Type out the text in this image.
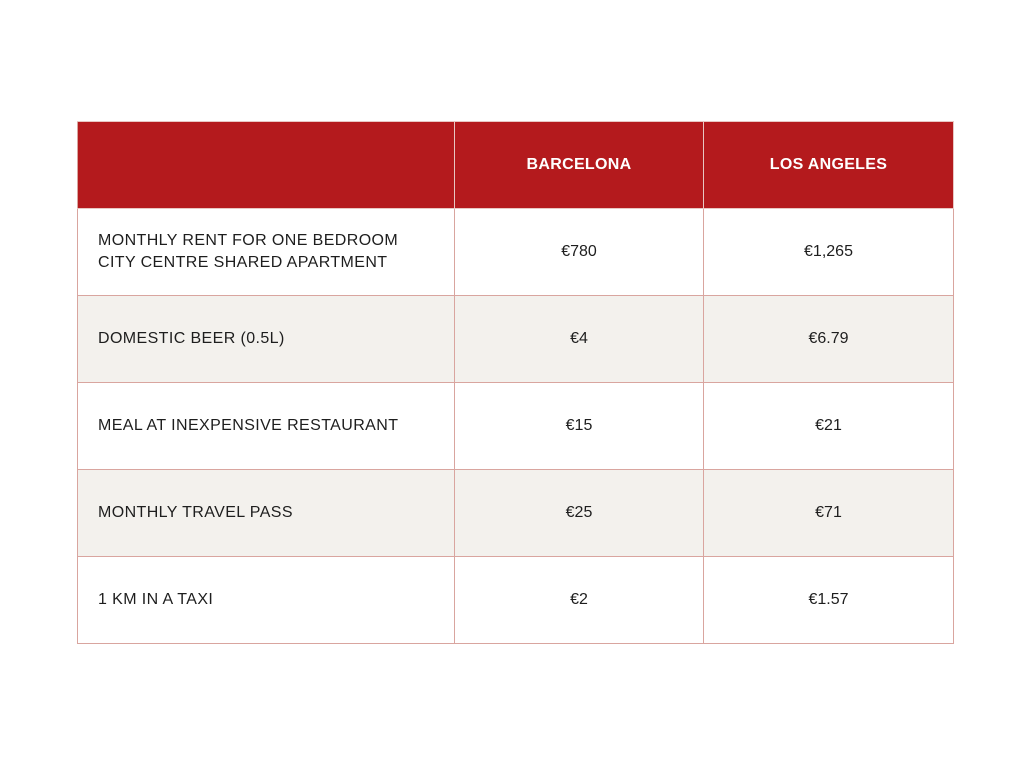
	BARCELONA	LOS ANGELES
MONTHLY RENT FOR ONE BEDROOM CITY CENTRE SHARED APARTMENT	€780	€1,265
DOMESTIC BEER (0.5L)	€4	€6.79
MEAL AT INEXPENSIVE RESTAURANT	€15	€21
MONTHLY TRAVEL PASS	€25	€71
1 KM IN A TAXI	€2	€1.57
